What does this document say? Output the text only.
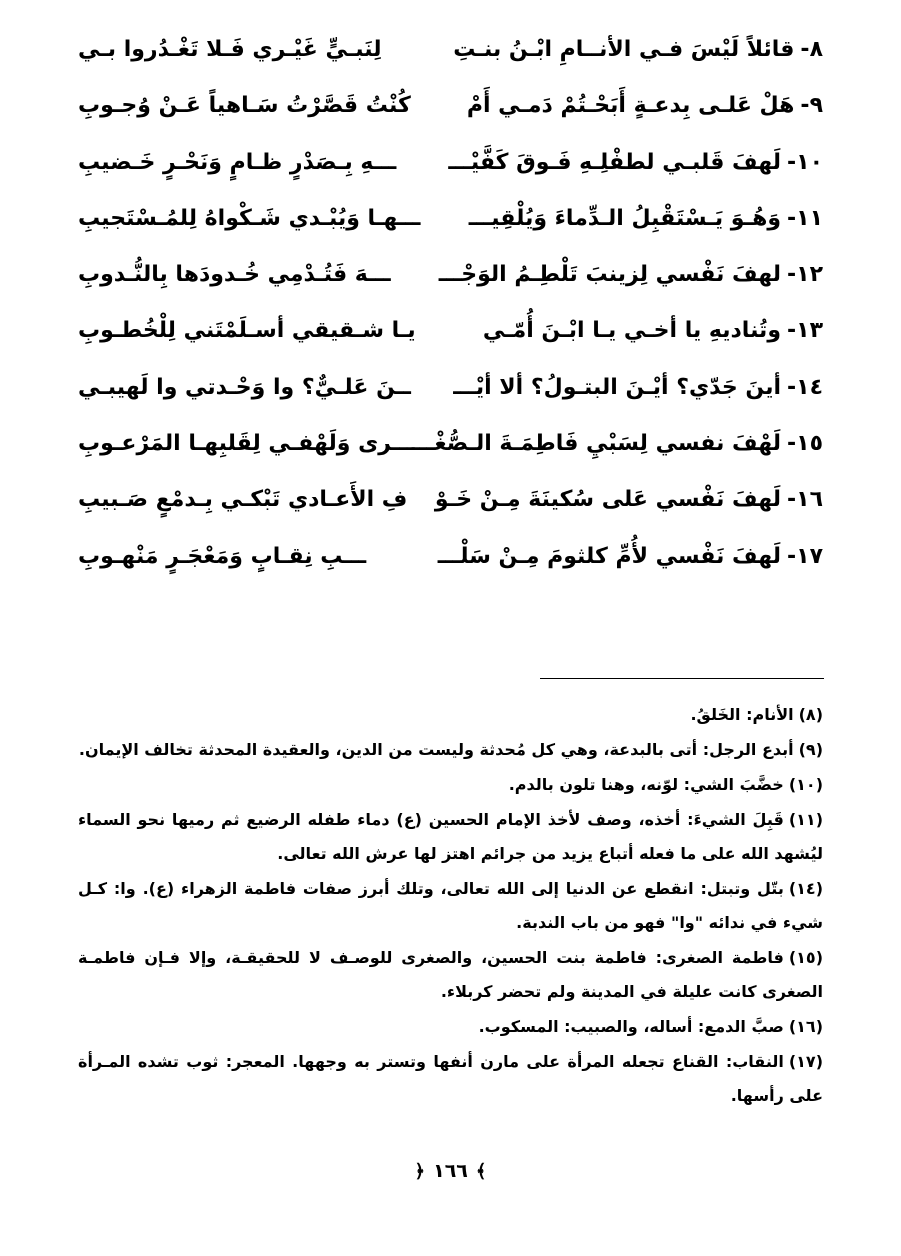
٨-قائلاً لَيْسَ فـي الأنــامِ ابْـنُ بنـتِ
لِنَبـيٍّ غَيْـري فَـلا تَغْـدُروا بـي
٩-هَلْ عَلـى بِدعـةٍ أَبَحْـتُمْ دَمـي أَمْ
كُنْتُ قَصَّرْتُ سَـاهياً عَـنْ وُجـوبِ
١٠-لَهفَ قَلبـي لطفْلِـهِ فَـوقَ كَفَّيْـــ
ـــهِ بِـصَدْرٍ ظـامٍ وَنَحْـرٍ خَـضيبِ
١١-وَهُـوَ يَـسْتَقْبِلُ الـدِّماءَ وَيُلْقِيـــ
ـــهـا وَيُبْـدي شَـكْواهُ لِلمُـسْتَجيبِ
١٢-لهفَ نَفْسي لِزينبَ تَلْطِـمُ الوَجْـــ
ـــهَ فَتُـدْمِي خُـدودَها بِالنُّـدوبِ
١٣-وتُناديهِ يا أخـي يـا ابْـنَ أُمّـي
يـا شـقيقي أسـلَمْتَني لِلْخُطـوبِ
١٤-أينَ جَدّي؟ أيْـنَ البتـولُ؟ ألا أيْـــ
ــنَ عَلـيٌّ؟ وا وَحْـدتي وا لَهيبـي
١٥-لَهْفَ نفسي لِسَبْيِ فَاطِمَـةَ الـصُّغْـــ
ـــرى وَلَهْفـي لِقَلبِهـا المَرْعـوبِ
١٦-لَهفَ نَفْسي عَلى سُكينَةَ مِـنْ خَـوْ
فِ الأَعـادي تَبْكـي بِـدمْعٍ صَـبيبِ
١٧-لَهفَ نَفْسي لأُمِّ كلثومَ مِـنْ سَلْـــ
ـــبِ نِقـابٍ وَمَعْجَـرٍ مَنْهـوبِ

(٨)الأنام: الخَلقُ.

(٩)أبدع الرجل: أتى بالبدعة، وهي كل مُحدثة وليست من الدين، والعقيدة المحدثة تخالف الإيمان.

(١٠)خضَّبَ الشي: لوّنه، وهنا تلون بالدم.

(١١)قَبِلَ الشيءَ: أخذه، وصف لأخذ الإمام الحسين (ع) دماء طفله الرضيع ثم رميها نحو السماء ليُشهد الله على ما فعله أتباع يزيد من جرائم اهتز لها عرش الله تعالى.

(١٤)بتّل وتبتل: انقطع عن الدنيا إلى الله تعالى، وتلك أبرز صفات فاطمة الزهراء (ع). وا: كـل شيء في ندائه "وا" فهو من باب الندبة.

(١٥)فاطمة الصغرى: فاطمة بنت الحسين، والصغرى للوصـف لا للحقيقـة، وإلا فـإن فاطمـة الصغرى كانت عليلة في المدينة ولم تحضر كربلاء.

(١٦)صبَّ الدمع: أساله، والصبيب: المسكوب.

(١٧)النقاب: القناع تجعله المرأة على مارن أنفها وتستر به وجهها. المعجر: ثوب تشده المـرأة على رأسها.

﴾١٦٦﴿
